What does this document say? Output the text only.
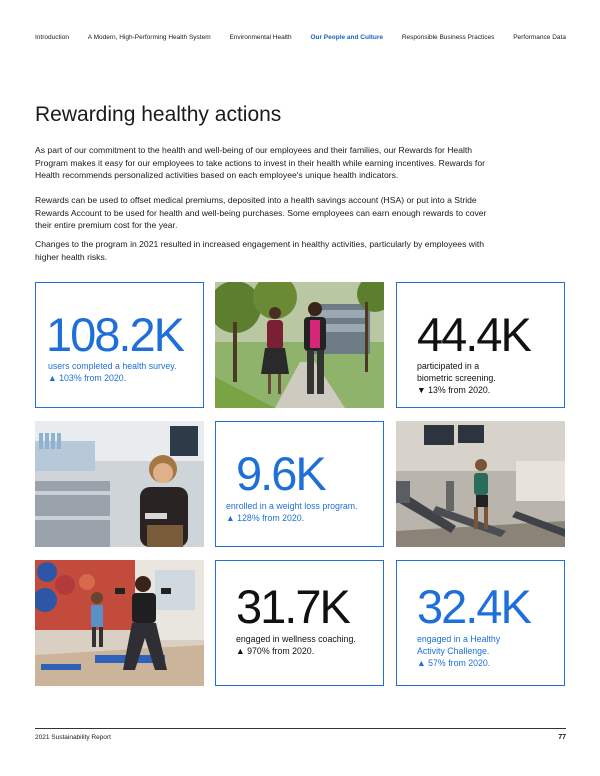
Introduction	A Modern, High-Performing Health System	Environmental Health	Our People and Culture	Responsible Business Practices	Performance Data
Rewarding healthy actions

As part of our commitment to the health and well-being of our employees and their families, our Rewards for Health Program makes it easy for our employees to take actions to invest in their health while earning incentives. Rewards for Health recommends personalized activities based on each employee's unique health indicators.

Rewards can be used to offset medical premiums, deposited into a health savings account (HSA) or put into a Stride Rewards Account to be used for health and well-being purchases. Some employees can earn enough rewards to cover their entire premium cost for the year.

Changes to the program in 2021 resulted in increased engagement in healthy activities, particularly by employees with higher health risks.

108.2K
users completed a health survey.
▲ 103% from 2020.
44.4K
participated in a
biometric screening.
▼ 13% from 2020.
9.6K
enrolled in a weight loss program.
▲ 128% from 2020.
31.7K
engaged in wellness coaching.
▲ 970% from 2020.
32.4K
engaged in a Healthy
Activity Challenge.
▲ 57% from 2020.
2021 Sustainability Report	77
